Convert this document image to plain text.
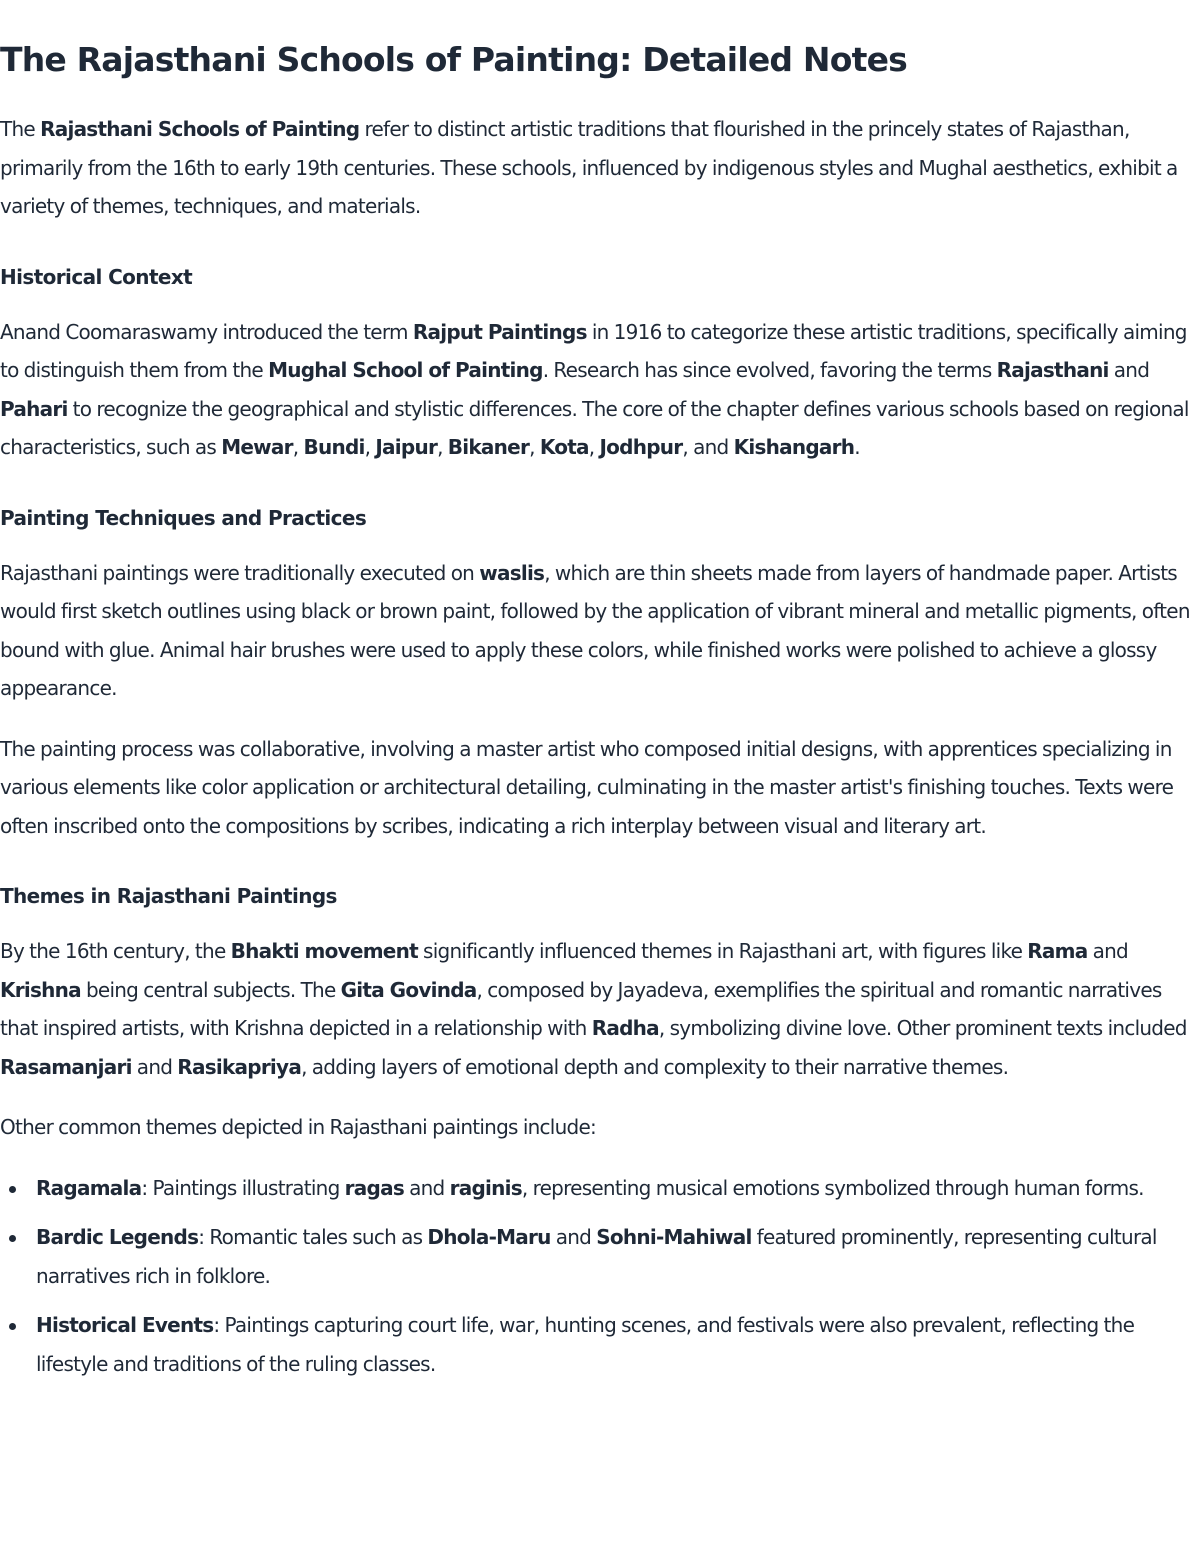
The Rajasthani Schools of Painting: Detailed Notes

The Rajasthani Schools of Painting refer to distinct artistic traditions that flourished in the princely states of Rajasthan, primarily from the 16th to early 19th centuries. These schools, influenced by indigenous styles and Mughal aesthetics, exhibit a variety of themes, techniques, and materials.

Historical Context

Anand Coomaraswamy introduced the term Rajput Paintings in 1916 to categorize these artistic traditions, specifically aiming to distinguish them from the Mughal School of Painting. Research has since evolved, favoring the terms Rajasthani and Pahari to recognize the geographical and stylistic differences. The core of the chapter defines various schools based on regional characteristics, such as Mewar, Bundi, Jaipur, Bikaner, Kota, Jodhpur, and Kishangarh.

Painting Techniques and Practices

Rajasthani paintings were traditionally executed on waslis, which are thin sheets made from layers of handmade paper. Artists would first sketch outlines using black or brown paint, followed by the application of vibrant mineral and metallic pigments, often bound with glue. Animal hair brushes were used to apply these colors, while finished works were polished to achieve a glossy appearance.

The painting process was collaborative, involving a master artist who composed initial designs, with apprentices specializing in various elements like color application or architectural detailing, culminating in the master artist's finishing touches. Texts were often inscribed onto the compositions by scribes, indicating a rich interplay between visual and literary art.

Themes in Rajasthani Paintings

By the 16th century, the Bhakti movement significantly influenced themes in Rajasthani art, with figures like Rama and Krishna being central subjects. The Gita Govinda, composed by Jayadeva, exemplifies the spiritual and romantic narratives that inspired artists, with Krishna depicted in a relationship with Radha, symbolizing divine love. Other prominent texts included Rasamanjari and Rasikapriya, adding layers of emotional depth and complexity to their narrative themes.

Other common themes depicted in Rajasthani paintings include:

Ragamala: Paintings illustrating ragas and raginis, representing musical emotions symbolized through human forms.
Bardic Legends: Romantic tales such as Dhola-Maru and Sohni-Mahiwal featured prominently, representing cultural narratives rich in folklore.
Historical Events: Paintings capturing court life, war, hunting scenes, and festivals were also prevalent, reflecting the lifestyle and traditions of the ruling classes.
